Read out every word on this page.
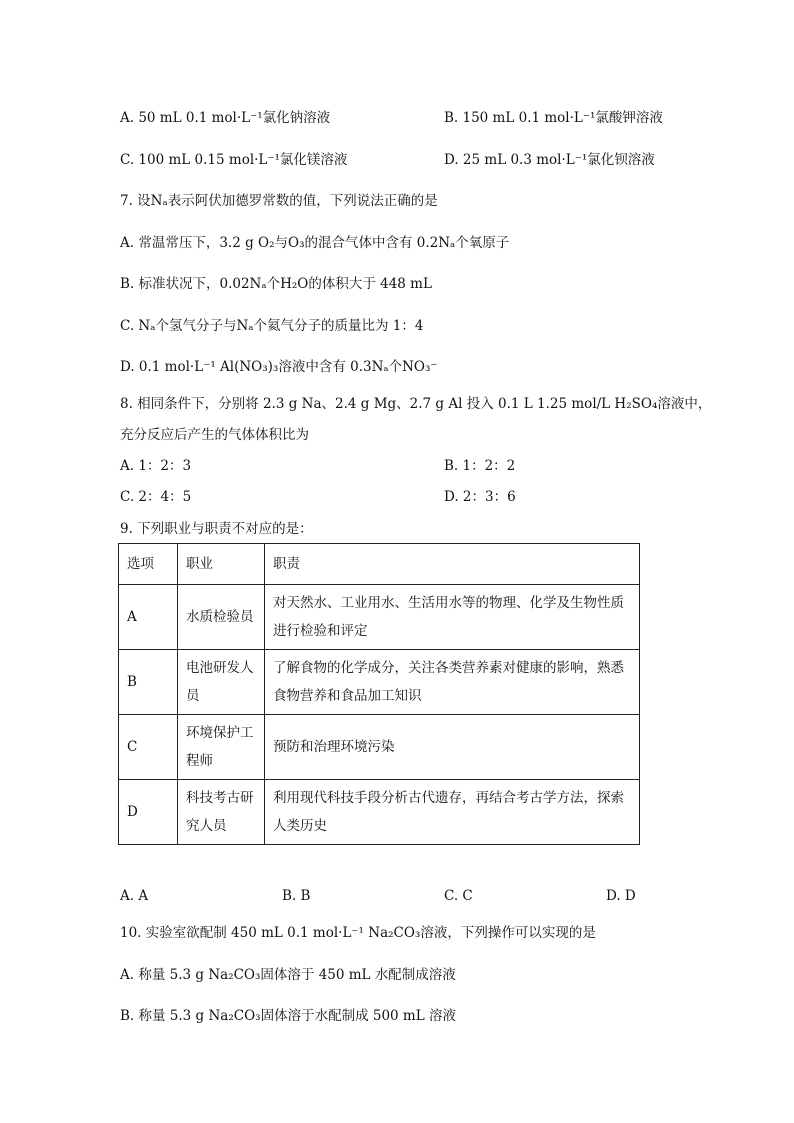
A. 50 mL 0.1 mol·L⁻¹氯化钠溶液	B. 150 mL 0.1 mol·L⁻¹氯酸钾溶液
C. 100 mL 0.15 mol·L⁻¹氯化镁溶液	D. 25 mL 0.3 mol·L⁻¹氯化钡溶液
7. 设Nₐ表示阿伏加德罗常数的值，下列说法正确的是
A. 常温常压下，3.2 g O₂与O₃的混合气体中含有 0.2Nₐ个氧原子
B. 标准状况下，0.02Nₐ个H₂O的体积大于 448 mL
C. Nₐ个氢气分子与Nₐ个氦气分子的质量比为 1：4
D. 0.1 mol·L⁻¹ Al(NO₃)₃溶液中含有 0.3Nₐ个NO₃⁻
8. 相同条件下，分别将 2.3 g Na、2.4 g Mg、2.7 g Al 投入 0.1 L 1.25 mol/L H₂SO₄溶液中，
充分反应后产生的气体体积比为
A. 1：2：3	B. 1：2：2
C. 2：4：5	D. 2：3：6
9. 下列职业与职责不对应的是：
选项	职业	职责
A	水质检验员	对天然水、工业用水、生活用水等的物理、化学及生物性质进行检验和评定
B	电池研发人员	了解食物的化学成分，关注各类营养素对健康的影响，熟悉食物营养和食品加工知识
C	环境保护工程师	预防和治理环境污染
D	科技考古研究人员	利用现代科技手段分析古代遗存，再结合考古学方法，探索人类历史
A. A	B. B	C. C	D. D
10. 实验室欲配制 450 mL 0.1 mol·L⁻¹ Na₂CO₃溶液，下列操作可以实现的是
A. 称量 5.3 g Na₂CO₃固体溶于 450 mL 水配制成溶液
B. 称量 5.3 g Na₂CO₃固体溶于水配制成 500 mL 溶液
